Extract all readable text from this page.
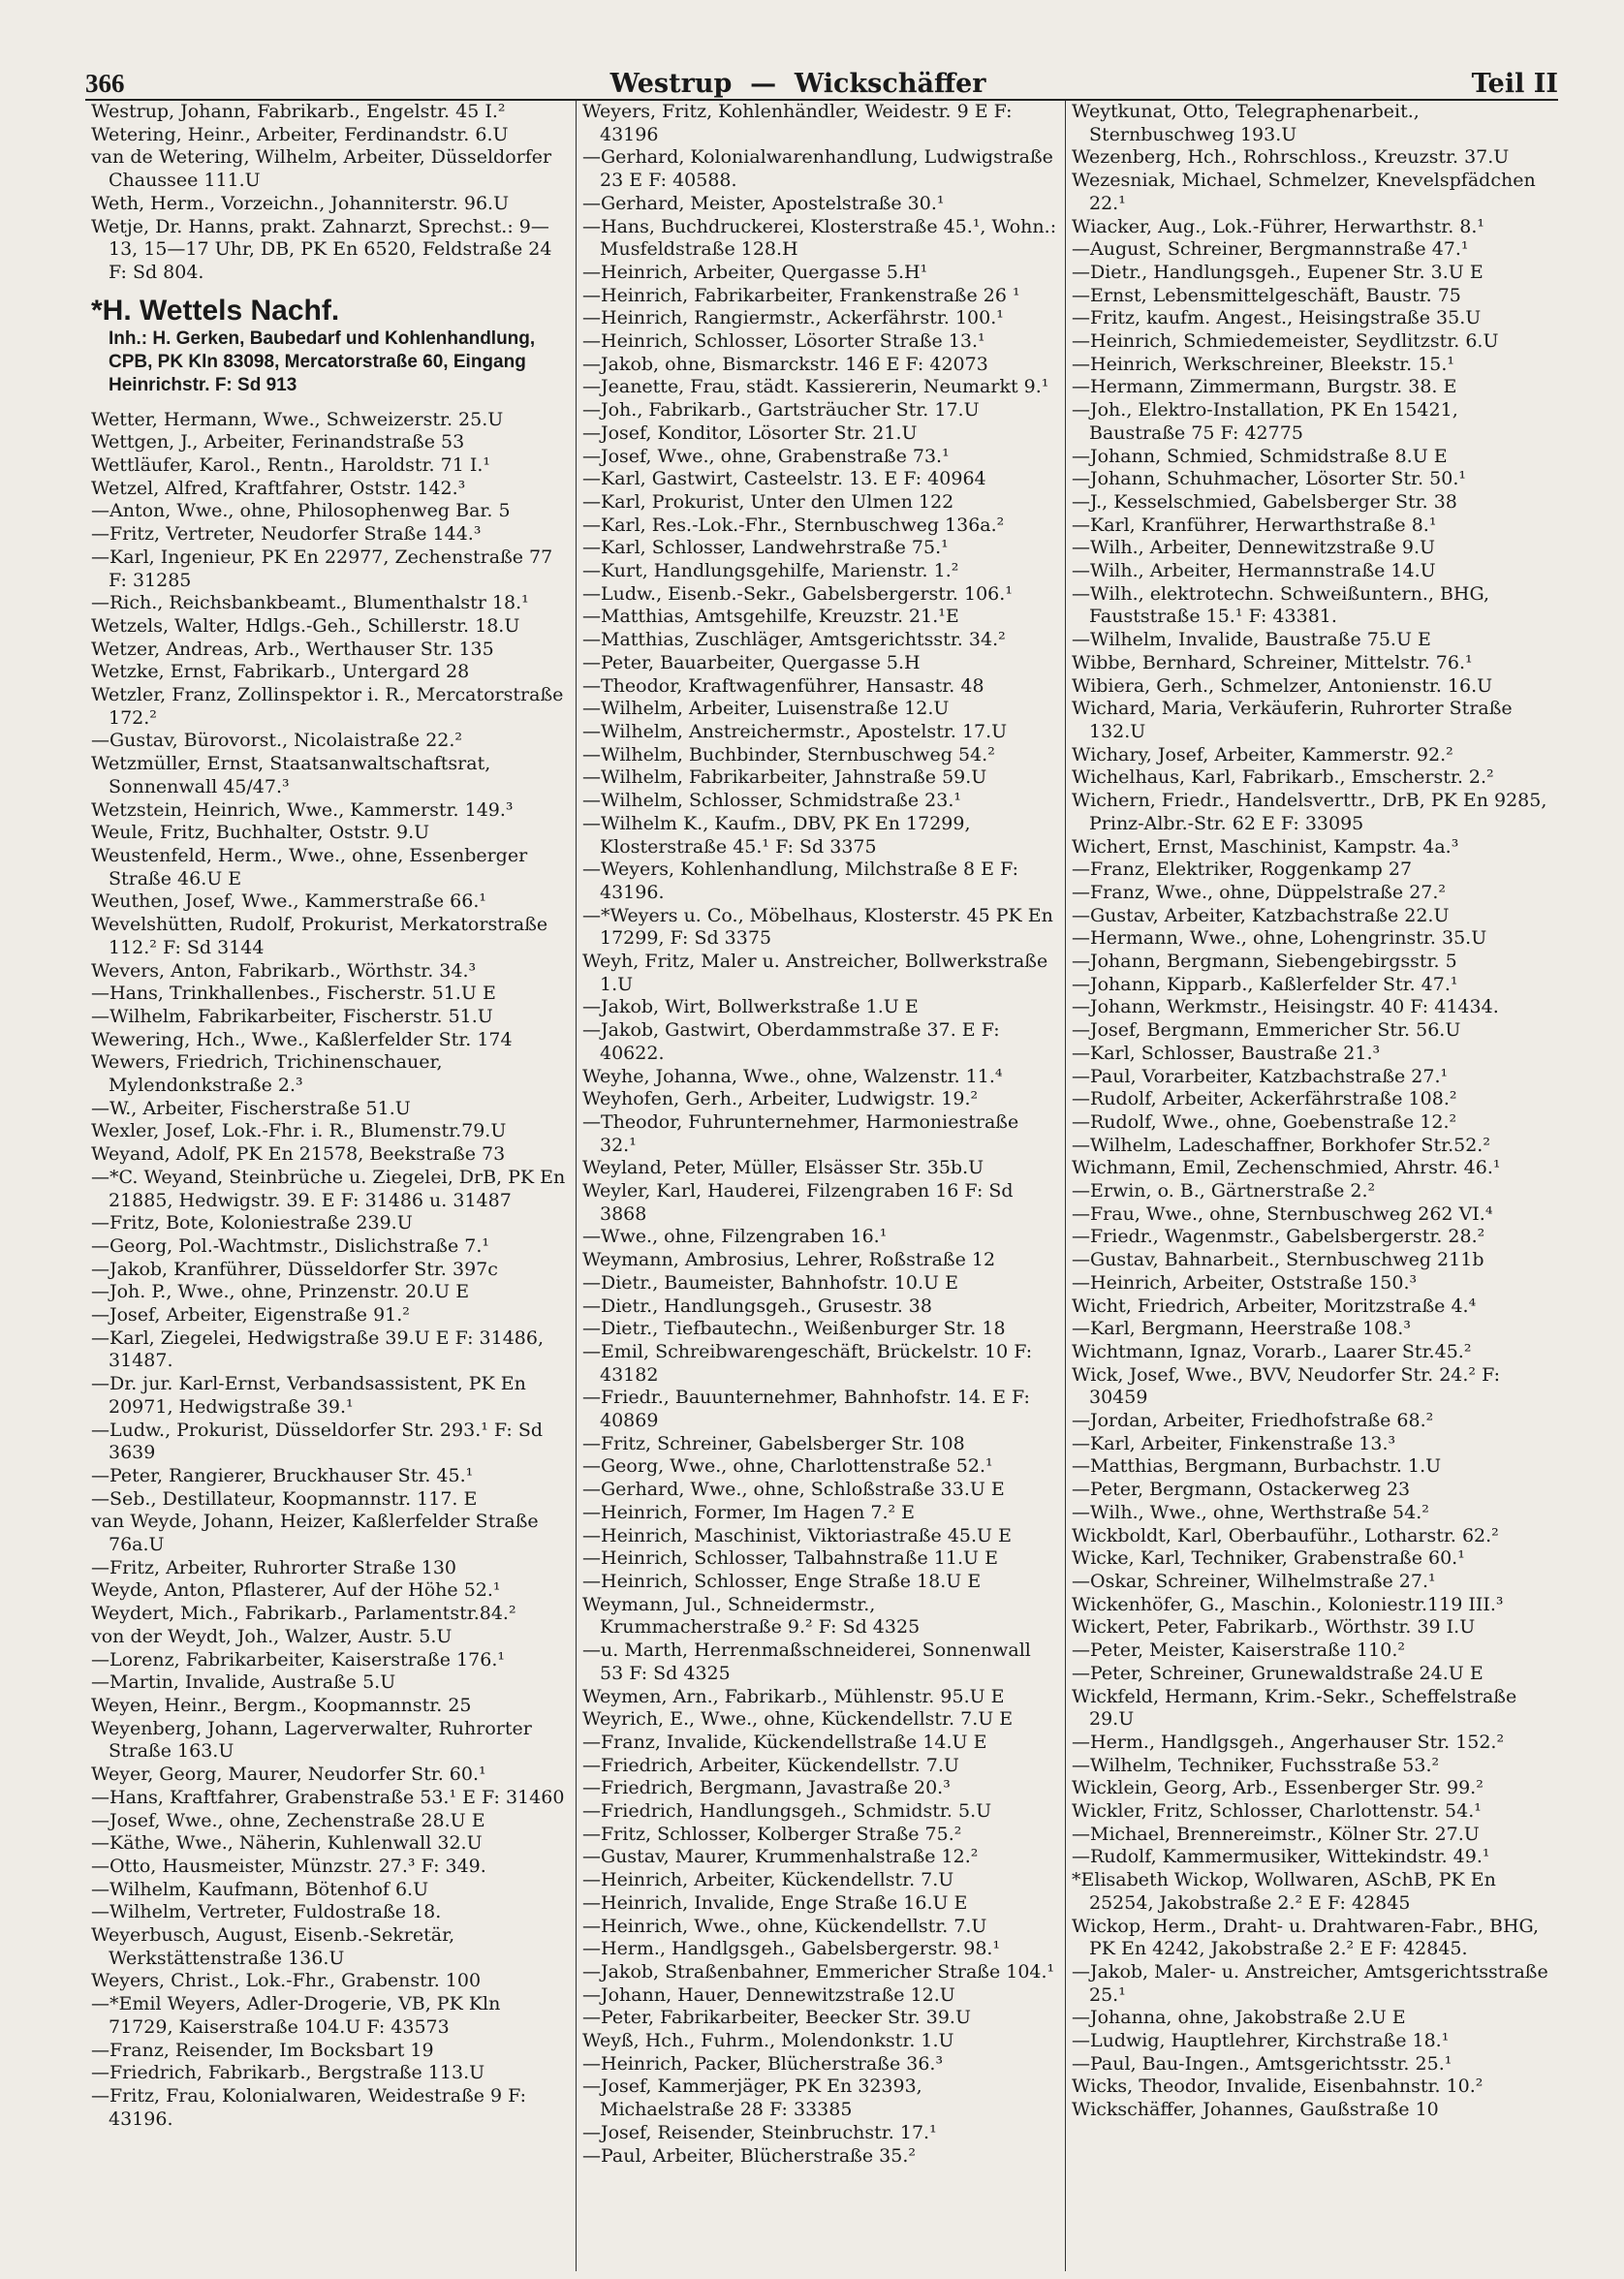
366	Westrup  —  Wickschäffer	Teil II

Westrup, Johann, Fabrikarb., Engelstr. 45 I.²

Wetering, Heinr., Arbeiter, Ferdinandstr. 6.U

van de Wetering, Wilhelm, Arbeiter, Düsseldorfer Chaussee 111.U

Weth, Herm., Vorzeichn., Johanniterstr. 96.U

Wetje, Dr. Hanns, prakt. Zahnarzt, Sprechst.: 9—13, 15—17 Uhr, DB, PK En 6520, Feldstraße 24 F: Sd 804.

*H. Wettels Nachf.

Inh.: H. Gerken, Baubedarf und Kohlenhandlung, CPB, PK Kln 83098, Mercatorstraße 60, Eingang Heinrichstr. F: Sd 913

Wetter, Hermann, Wwe., Schweizerstr. 25.U

Wettgen, J., Arbeiter, Ferinandstraße 53

Wettläufer, Karol., Rentn., Haroldstr. 71 I.¹

Wetzel, Alfred, Kraftfahrer, Oststr. 142.³

—Anton, Wwe., ohne, Philosophenweg Bar. 5

—Fritz, Vertreter, Neudorfer Straße 144.³

—Karl, Ingenieur, PK En 22977, Zechenstraße 77 F: 31285

—Rich., Reichsbankbeamt., Blumenthalstr 18.¹

Wetzels, Walter, Hdlgs.-Geh., Schillerstr. 18.U

Wetzer, Andreas, Arb., Werthauser Str. 135

Wetzke, Ernst, Fabrikarb., Untergard 28

Wetzler, Franz, Zollinspektor i. R., Mercatorstraße 172.²

—Gustav, Bürovorst., Nicolaistraße 22.²

Wetzmüller, Ernst, Staatsanwaltschaftsrat, Sonnenwall 45/47.³

Wetzstein, Heinrich, Wwe., Kammerstr. 149.³

Weule, Fritz, Buchhalter, Oststr. 9.U

Weustenfeld, Herm., Wwe., ohne, Essenberger Straße 46.U E

Weuthen, Josef, Wwe., Kammerstraße 66.¹

Wevelshütten, Rudolf, Prokurist, Merkatorstraße 112.² F: Sd 3144

Wevers, Anton, Fabrikarb., Wörthstr. 34.³

—Hans, Trinkhallenbes., Fischerstr. 51.U E

—Wilhelm, Fabrikarbeiter, Fischerstr. 51.U

Wewering, Hch., Wwe., Kaßlerfelder Str. 174

Wewers, Friedrich, Trichinenschauer, Mylendonkstraße 2.³

—W., Arbeiter, Fischerstraße 51.U

Wexler, Josef, Lok.-Fhr. i. R., Blumenstr.79.U

Weyand, Adolf, PK En 21578, Beekstraße 73

—*C. Weyand, Steinbrüche u. Ziegelei, DrB, PK En 21885, Hedwigstr. 39. E F: 31486 u. 31487

—Fritz, Bote, Koloniestraße 239.U

—Georg, Pol.-Wachtmstr., Dislichstraße 7.¹

—Jakob, Kranführer, Düsseldorfer Str. 397c

—Joh. P., Wwe., ohne, Prinzenstr. 20.U E

—Josef, Arbeiter, Eigenstraße 91.²

—Karl, Ziegelei, Hedwigstraße 39.U E F: 31486, 31487.

—Dr. jur. Karl-Ernst, Verbandsassistent, PK En 20971, Hedwigstraße 39.¹

—Ludw., Prokurist, Düsseldorfer Str. 293.¹ F: Sd 3639

—Peter, Rangierer, Bruckhauser Str. 45.¹

—Seb., Destillateur, Koopmannstr. 117. E

van Weyde, Johann, Heizer, Kaßlerfelder Straße 76a.U

—Fritz, Arbeiter, Ruhrorter Straße 130

Weyde, Anton, Pflasterer, Auf der Höhe 52.¹

Weydert, Mich., Fabrikarb., Parlamentstr.84.²

von der Weydt, Joh., Walzer, Austr. 5.U

—Lorenz, Fabrikarbeiter, Kaiserstraße 176.¹

—Martin, Invalide, Austraße 5.U

Weyen, Heinr., Bergm., Koopmannstr. 25

Weyenberg, Johann, Lagerverwalter, Ruhrorter Straße 163.U

Weyer, Georg, Maurer, Neudorfer Str. 60.¹

—Hans, Kraftfahrer, Grabenstraße 53.¹ E F: 31460

—Josef, Wwe., ohne, Zechenstraße 28.U E

—Käthe, Wwe., Näherin, Kuhlenwall 32.U

—Otto, Hausmeister, Münzstr. 27.³ F: 349.

—Wilhelm, Kaufmann, Bötenhof 6.U

—Wilhelm, Vertreter, Fuldostraße 18.

Weyerbusch, August, Eisenb.-Sekretär, Werkstättenstraße 136.U

Weyers, Christ., Lok.-Fhr., Grabenstr. 100

—*Emil Weyers, Adler-Drogerie, VB, PK Kln 71729, Kaiserstraße 104.U F: 43573

—Franz, Reisender, Im Bocksbart 19

—Friedrich, Fabrikarb., Bergstraße 113.U

—Fritz, Frau, Kolonialwaren, Weidestraße 9 F: 43196.

Weyers, Fritz, Kohlenhändler, Weidestr. 9 E F: 43196

—Gerhard, Kolonialwarenhandlung, Ludwigstraße 23 E F: 40588.

—Gerhard, Meister, Apostelstraße 30.¹

—Hans, Buchdruckerei, Klosterstraße 45.¹, Wohn.: Musfeldstraße 128.H

—Heinrich, Arbeiter, Quergasse 5.H¹

—Heinrich, Fabrikarbeiter, Frankenstraße 26 ¹

—Heinrich, Rangiermstr., Ackerfährstr. 100.¹

—Heinrich, Schlosser, Lösorter Straße 13.¹

—Jakob, ohne, Bismarckstr. 146 E F: 42073

—Jeanette, Frau, städt. Kassiererin, Neumarkt 9.¹

—Joh., Fabrikarb., Gartsträucher Str. 17.U

—Josef, Konditor, Lösorter Str. 21.U

—Josef, Wwe., ohne, Grabenstraße 73.¹

—Karl, Gastwirt, Casteelstr. 13. E F: 40964

—Karl, Prokurist, Unter den Ulmen 122

—Karl, Res.-Lok.-Fhr., Sternbuschweg 136a.²

—Karl, Schlosser, Landwehrstraße 75.¹

—Kurt, Handlungsgehilfe, Marienstr. 1.²

—Ludw., Eisenb.-Sekr., Gabelsbergerstr. 106.¹

—Matthias, Amtsgehilfe, Kreuzstr. 21.¹E

—Matthias, Zuschläger, Amtsgerichtsstr. 34.²

—Peter, Bauarbeiter, Quergasse 5.H

—Theodor, Kraftwagenführer, Hansastr. 48

—Wilhelm, Arbeiter, Luisenstraße 12.U

—Wilhelm, Anstreichermstr., Apostelstr. 17.U

—Wilhelm, Buchbinder, Sternbuschweg 54.²

—Wilhelm, Fabrikarbeiter, Jahnstraße 59.U

—Wilhelm, Schlosser, Schmidstraße 23.¹

—Wilhelm K., Kaufm., DBV, PK En 17299, Klosterstraße 45.¹ F: Sd 3375

—Weyers, Kohlenhandlung, Milchstraße 8 E F: 43196.

—*Weyers u. Co., Möbelhaus, Klosterstr. 45 PK En 17299, F: Sd 3375

Weyh, Fritz, Maler u. Anstreicher, Bollwerkstraße 1.U

—Jakob, Wirt, Bollwerkstraße 1.U E

—Jakob, Gastwirt, Oberdammstraße 37. E F: 40622.

Weyhe, Johanna, Wwe., ohne, Walzenstr. 11.⁴

Weyhofen, Gerh., Arbeiter, Ludwigstr. 19.²

—Theodor, Fuhrunternehmer, Harmoniestraße 32.¹

Weyland, Peter, Müller, Elsässer Str. 35b.U

Weyler, Karl, Hauderei, Filzengraben 16 F: Sd 3868

—Wwe., ohne, Filzengraben 16.¹

Weymann, Ambrosius, Lehrer, Roßstraße 12

—Dietr., Baumeister, Bahnhofstr. 10.U E

—Dietr., Handlungsgeh., Grusestr. 38

—Dietr., Tiefbautechn., Weißenburger Str. 18

—Emil, Schreibwarengeschäft, Brückelstr. 10 F: 43182

—Friedr., Bauunternehmer, Bahnhofstr. 14. E F: 40869

—Fritz, Schreiner, Gabelsberger Str. 108

—Georg, Wwe., ohne, Charlottenstraße 52.¹

—Gerhard, Wwe., ohne, Schloßstraße 33.U E

—Heinrich, Former, Im Hagen 7.² E

—Heinrich, Maschinist, Viktoriastraße 45.U E

—Heinrich, Schlosser, Talbahnstraße 11.U E

—Heinrich, Schlosser, Enge Straße 18.U E

Weymann, Jul., Schneidermstr., Krummacherstraße 9.² F: Sd 4325

—u. Marth, Herrenmaßschneiderei, Sonnenwall 53 F: Sd 4325

Weymen, Arn., Fabrikarb., Mühlenstr. 95.U E

Weyrich, E., Wwe., ohne, Kückendellstr. 7.U E

—Franz, Invalide, Kückendellstraße 14.U E

—Friedrich, Arbeiter, Kückendellstr. 7.U

—Friedrich, Bergmann, Javastraße 20.³

—Friedrich, Handlungsgeh., Schmidstr. 5.U

—Fritz, Schlosser, Kolberger Straße 75.²

—Gustav, Maurer, Krummenhalstraße 12.²

—Heinrich, Arbeiter, Kückendellstr. 7.U

—Heinrich, Invalide, Enge Straße 16.U E

—Heinrich, Wwe., ohne, Kückendellstr. 7.U

—Herm., Handlgsgeh., Gabelsbergerstr. 98.¹

—Jakob, Straßenbahner, Emmericher Straße 104.¹

—Johann, Hauer, Dennewitzstraße 12.U

—Peter, Fabrikarbeiter, Beecker Str. 39.U

Weyß, Hch., Fuhrm., Molendonkstr. 1.U

—Heinrich, Packer, Blücherstraße 36.³

—Josef, Kammerjäger, PK En 32393, Michaelstraße 28 F: 33385

—Josef, Reisender, Steinbruchstr. 17.¹

—Paul, Arbeiter, Blücherstraße 35.²

Weytkunat, Otto, Telegraphenarbeit., Sternbuschweg 193.U

Wezenberg, Hch., Rohrschloss., Kreuzstr. 37.U

Wezesniak, Michael, Schmelzer, Knevelspfädchen 22.¹

Wiacker, Aug., Lok.-Führer, Herwarthstr. 8.¹

—August, Schreiner, Bergmannstraße 47.¹

—Dietr., Handlungsgeh., Eupener Str. 3.U E

—Ernst, Lebensmittelgeschäft, Baustr. 75

—Fritz, kaufm. Angest., Heisingstraße 35.U

—Heinrich, Schmiedemeister, Seydlitzstr. 6.U

—Heinrich, Werkschreiner, Bleekstr. 15.¹

—Hermann, Zimmermann, Burgstr. 38. E

—Joh., Elektro-Installation, PK En 15421, Baustraße 75 F: 42775

—Johann, Schmied, Schmidstraße 8.U E

—Johann, Schuhmacher, Lösorter Str. 50.¹

—J., Kesselschmied, Gabelsberger Str. 38

—Karl, Kranführer, Herwarthstraße 8.¹

—Wilh., Arbeiter, Dennewitzstraße 9.U

—Wilh., Arbeiter, Hermannstraße 14.U

—Wilh., elektrotechn. Schweißuntern., BHG, Fauststraße 15.¹ F: 43381.

—Wilhelm, Invalide, Baustraße 75.U E

Wibbe, Bernhard, Schreiner, Mittelstr. 76.¹

Wibiera, Gerh., Schmelzer, Antonienstr. 16.U

Wichard, Maria, Verkäuferin, Ruhrorter Straße 132.U

Wichary, Josef, Arbeiter, Kammerstr. 92.²

Wichelhaus, Karl, Fabrikarb., Emscherstr. 2.²

Wichern, Friedr., Handelsverttr., DrB, PK En 9285, Prinz-Albr.-Str. 62 E F: 33095

Wichert, Ernst, Maschinist, Kampstr. 4a.³

—Franz, Elektriker, Roggenkamp 27

—Franz, Wwe., ohne, Düppelstraße 27.²

—Gustav, Arbeiter, Katzbachstraße 22.U

—Hermann, Wwe., ohne, Lohengrinstr. 35.U

—Johann, Bergmann, Siebengebirgsstr. 5

—Johann, Kipparb., Kaßlerfelder Str. 47.¹

—Johann, Werkmstr., Heisingstr. 40 F: 41434.

—Josef, Bergmann, Emmericher Str. 56.U

—Karl, Schlosser, Baustraße 21.³

—Paul, Vorarbeiter, Katzbachstraße 27.¹

—Rudolf, Arbeiter, Ackerfährstraße 108.²

—Rudolf, Wwe., ohne, Goebenstraße 12.²

—Wilhelm, Ladeschaffner, Borkhofer Str.52.²

Wichmann, Emil, Zechenschmied, Ahrstr. 46.¹

—Erwin, o. B., Gärtnerstraße 2.²

—Frau, Wwe., ohne, Sternbuschweg 262 VI.⁴

—Friedr., Wagenmstr., Gabelsbergerstr. 28.²

—Gustav, Bahnarbeit., Sternbuschweg 211b

—Heinrich, Arbeiter, Oststraße 150.³

Wicht, Friedrich, Arbeiter, Moritzstraße 4.⁴

—Karl, Bergmann, Heerstraße 108.³

Wichtmann, Ignaz, Vorarb., Laarer Str.45.²

Wick, Josef, Wwe., BVV, Neudorfer Str. 24.² F: 30459

—Jordan, Arbeiter, Friedhofstraße 68.²

—Karl, Arbeiter, Finkenstraße 13.³

—Matthias, Bergmann, Burbachstr. 1.U

—Peter, Bergmann, Ostackerweg 23

—Wilh., Wwe., ohne, Werthstraße 54.²

Wickboldt, Karl, Oberbauführ., Lotharstr. 62.²

Wicke, Karl, Techniker, Grabenstraße 60.¹

—Oskar, Schreiner, Wilhelmstraße 27.¹

Wickenhöfer, G., Maschin., Koloniestr.119 III.³

Wickert, Peter, Fabrikarb., Wörthstr. 39 I.U

—Peter, Meister, Kaiserstraße 110.²

—Peter, Schreiner, Grunewaldstraße 24.U E

Wickfeld, Hermann, Krim.-Sekr., Scheffelstraße 29.U

—Herm., Handlgsgeh., Angerhauser Str. 152.²

—Wilhelm, Techniker, Fuchsstraße 53.²

Wicklein, Georg, Arb., Essenberger Str. 99.²

Wickler, Fritz, Schlosser, Charlottenstr. 54.¹

—Michael, Brennereimstr., Kölner Str. 27.U

—Rudolf, Kammermusiker, Wittekindstr. 49.¹

*Elisabeth Wickop, Wollwaren, ASchB, PK En 25254, Jakobstraße 2.² E F: 42845

Wickop, Herm., Draht- u. Drahtwaren-Fabr., BHG, PK En 4242, Jakobstraße 2.² E F: 42845.

—Jakob, Maler- u. Anstreicher, Amtsgerichtsstraße 25.¹

—Johanna, ohne, Jakobstraße 2.U E

—Ludwig, Hauptlehrer, Kirchstraße 18.¹

—Paul, Bau-Ingen., Amtsgerichtsstr. 25.¹

Wicks, Theodor, Invalide, Eisenbahnstr. 10.²

Wickschäffer, Johannes, Gaußstraße 10
